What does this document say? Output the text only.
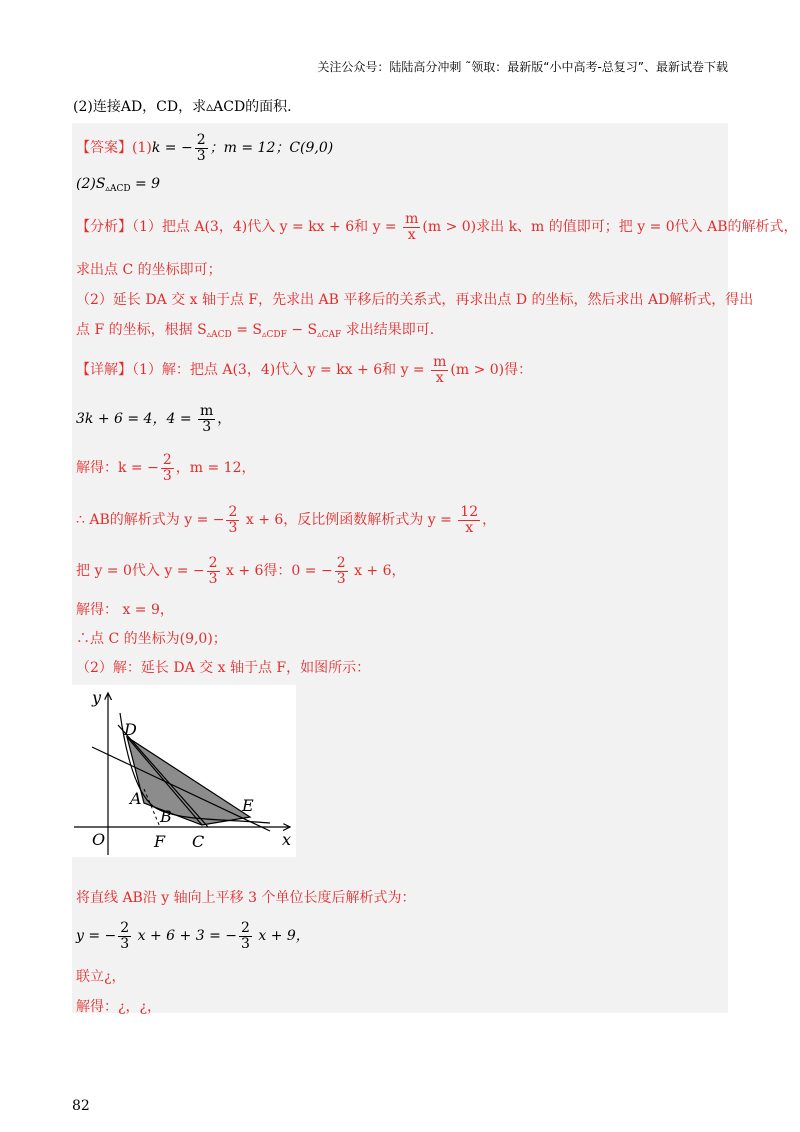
关注公众号：陆陆高分冲刺 ˜领取：最新版“小中高考-总复习”、最新试卷下载
(2)连接AD，CD，求▵ACD的面积.
【答案】(1)k = − $\frac{2}{3}$ ；m = 12；C(9,0)
$(2)S_{▵ACD} = 9$
【分析】（1）把点 A(3，4)代入 y = kx + 6和 $y = \frac{m}{x} (m > 0)$求出 k、m 的值即可；把 y = 0代入 AB的解析式，
求出点 C 的坐标即可；
（2）延长 DA 交 x 轴于点 F，先求出 AB 平移后的关系式，再求出点 D 的坐标，然后求出 AD解析式，得出
点 F 的坐标，根据 $S_{▵ACD} = S_{▵CDF} - S_{▵CAF}$ 求出结果即可.
【详解】（1）解：把点 A(3，4)代入 y = kx + 6和 $y = \frac{m}{x} (m > 0)$得：
3k + 6 = 4，$4 = \frac{m}{3}$ ，
解得：k = − $\frac{2}{3}$ ，m = 12，
∴ AB的解析式为 y = − $\frac{2}{3}$ x + 6，反比例函数解析式为 $y = \frac{12}{x}$ ，
把 y = 0代入 y = − $\frac{2}{3}$ x + 6得：0 = − $\frac{2}{3}$ x + 6，
解得： x = 9，
∴点 C 的坐标为(9,0)；
（2）解：延长 DA 交 x 轴于点 F，如图所示：
y
x
O
D
A
B
E
F C
将直线 AB沿 y 轴向上平移 3 个单位长度后解析式为：
y = − $\frac{2}{3}$ x + 6 + 3 = − $\frac{2}{3}$ x + 9，
联立¿，
解得：¿，¿，
82
